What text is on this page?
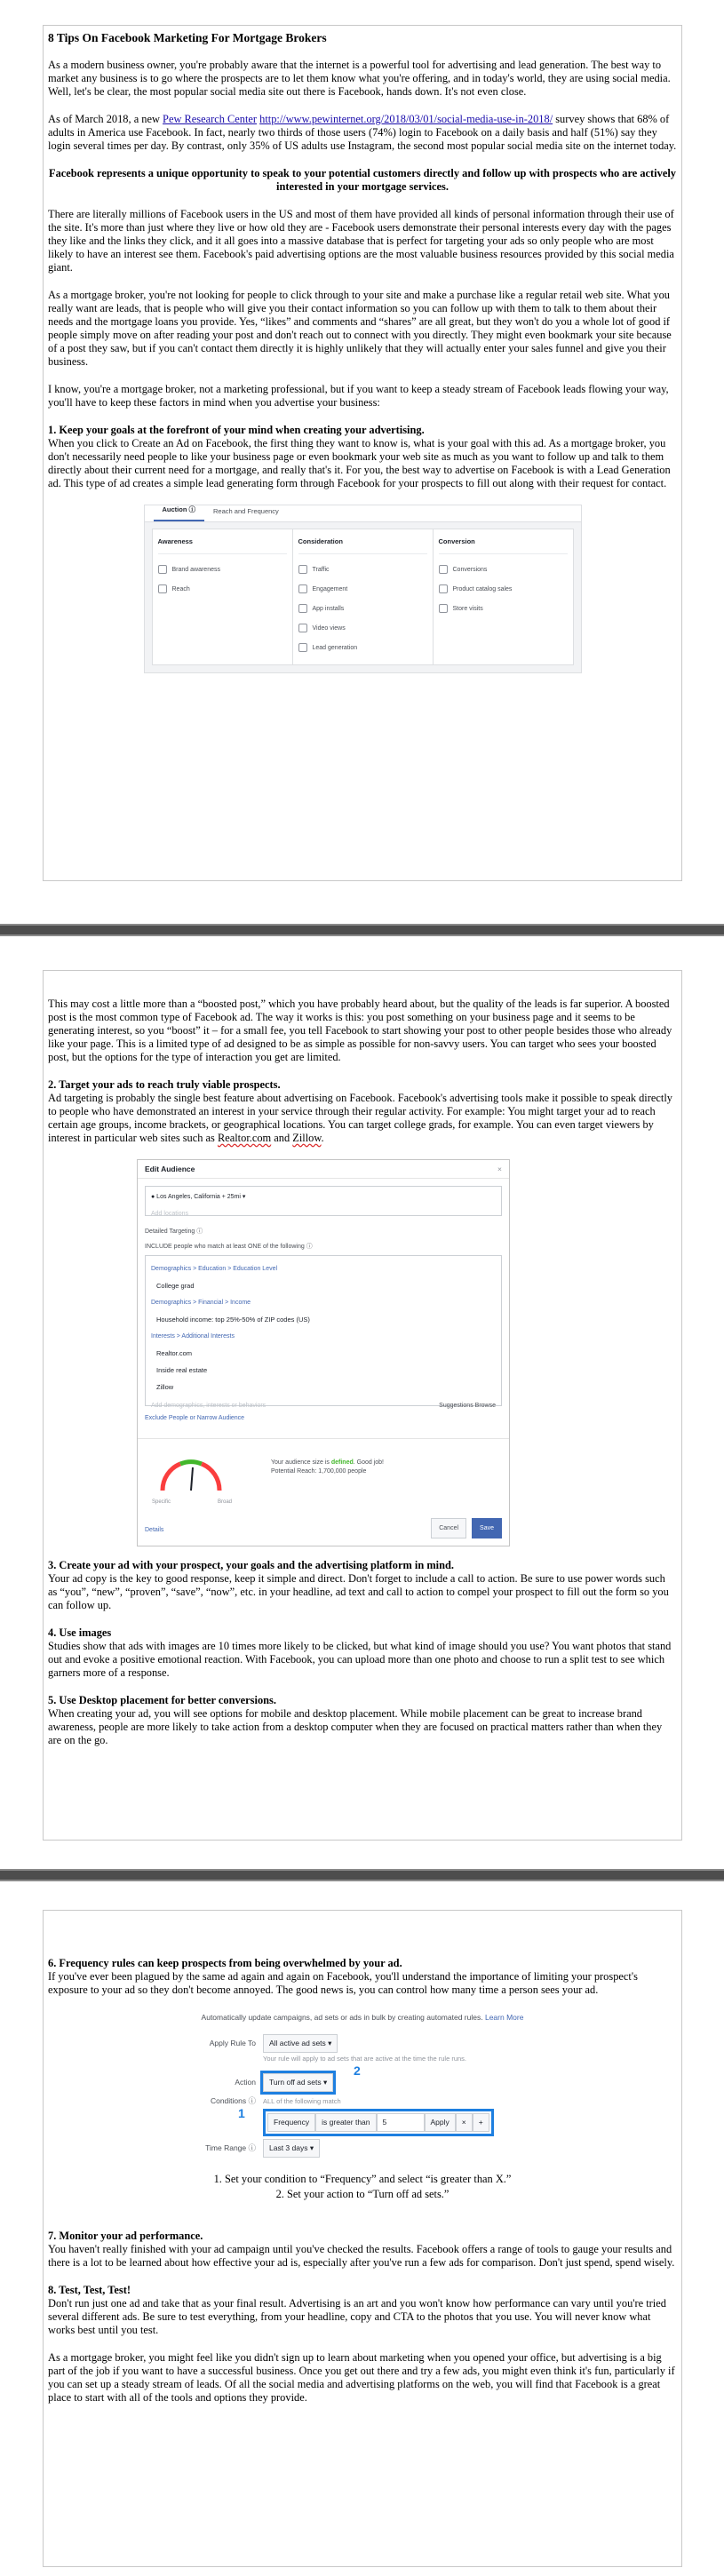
8 Tips On Facebook Marketing For Mortgage Brokers

As a modern business owner, you're probably aware that the internet is a powerful tool for advertising and lead generation. The best way to market any business is to go where the prospects are to let them know what you're offering, and in today's world, they are using social media. Well, let's be clear, the most popular social media site out there is Facebook, hands down. It's not even close.

As of March 2018, a new Pew Research Center http://www.pewinternet.org/2018/03/01/social-media-use-in-2018/ survey shows that 68% of adults in America use Facebook. In fact, nearly two thirds of those users (74%) login to Facebook on a daily basis and half (51%) say they login several times per day. By contrast, only 35% of US adults use Instagram, the second most popular social media site on the internet today.

Facebook represents a unique opportunity to speak to your potential customers directly and follow up with prospects who are actively interested in your mortgage services.

There are literally millions of Facebook users in the US and most of them have provided all kinds of personal information through their use of the site. It's more than just where they live or how old they are - Facebook users demonstrate their personal interests every day with the pages they like and the links they click, and it all goes into a massive database that is perfect for targeting your ads so only people who are most likely to have an interest see them. Facebook's paid advertising options are the most valuable business resources provided by this social media giant.

As a mortgage broker, you're not looking for people to click through to your site and make a purchase like a regular retail web site. What you really want are leads, that is people who will give you their contact information so you can follow up with them to talk to them about their needs and the mortgage loans you provide. Yes, “likes” and comments and “shares” are all great, but they won't do you a whole lot of good if people simply move on after reading your post and don't reach out to connect with you directly. They might even bookmark your site because of a post they saw, but if you can't contact them directly it is highly unlikely that they will actually enter your sales funnel and give you their business.

I know, you're a mortgage broker, not a marketing professional, but if you want to keep a steady stream of Facebook leads flowing your way, you'll have to keep these factors in mind when you advertise your business:

1. Keep your goals at the forefront of your mind when creating your advertising.
When you click to Create an Ad on Facebook, the first thing they want to know is, what is your goal with this ad. As a mortgage broker, you don't necessarily need people to like your business page or even bookmark your web site as much as you want to follow up and talk to them directly about their current need for a mortgage, and really that's it. For you, the best way to advertise on Facebook is with a Lead Generation ad. This type of ad creates a simple lead generating form through Facebook for your prospects to fill out along with their request for contact.

Auction ⓘ	Reach and Frequency
Awareness
Brand awareness
Reach
Consideration
Traffic
Engagement
App installs
Video views
Lead generation
Conversion
Conversions
Product catalog sales
Store visits

This may cost a little more than a “boosted post,” which you have probably heard about, but the quality of the leads is far superior. A boosted post is the most common type of Facebook ad. The way it works is this: you post something on your business page and it seems to be generating interest, so you “boost” it – for a small fee, you tell Facebook to start showing your post to other people besides those who already like your page. This is a limited type of ad designed to be as simple as possible for non-savvy users. You can target who sees your boosted post, but the options for the type of interaction you get are limited.

2. Target your ads to reach truly viable prospects.
Ad targeting is probably the single best feature about advertising on Facebook. Facebook's advertising tools make it possible to speak directly to people who have demonstrated an interest in your service through their regular activity. For example: You might target your ad to reach certain age groups, income brackets, or geographical locations. You can target college grads, for example. You can even target viewers by interest in particular web sites such as Realtor.com and Zillow.

Edit Audience	×
● Los Angeles, California + 25mi ▾
Add locations
Detailed Targeting ⓘ
INCLUDE people who match at least ONE of the following ⓘ
Demographics > Education > Education Level
College grad
Demographics > Financial > Income
Household income: top 25%-50% of ZIP codes (US)
Interests > Additional Interests
Realtor.com
Inside real estate
Zillow
Add demographics, interests or behaviors	Suggestions Browse
Exclude People or Narrow Audience
Specific	Broad
Your audience size is defined. Good job!
Potential Reach: 1,700,000 people
Details	Cancel	Save

3. Create your ad with your prospect, your goals and the advertising platform in mind.
Your ad copy is the key to good response, keep it simple and direct. Don't forget to include a call to action. Be sure to use power words such as “you”, “new”, “proven”, “save”, “now”, etc. in your headline, ad text and call to action to compel your prospect to fill out the form so you can follow up.

4. Use images
Studies show that ads with images are 10 times more likely to be clicked, but what kind of image should you use? You want photos that stand out and evoke a positive emotional reaction. With Facebook, you can upload more than one photo and choose to run a split test to see which garners more of a response.

5. Use Desktop placement for better conversions.
When creating your ad, you will see options for mobile and desktop placement. While mobile placement can be great to increase brand awareness, people are more likely to take action from a desktop computer when they are focused on practical matters rather than when they are on the go.

6. Frequency rules can keep prospects from being overwhelmed by your ad.
If you've ever been plagued by the same ad again and again on Facebook, you'll understand the importance of limiting your prospect's exposure to your ad so they don't become annoyed. The good news is, you can control how many time a person sees your ad.

Automatically update campaigns, ad sets or ads in bulk by creating automated rules. Learn More
Apply Rule To	All active ad sets ▾
Your rule will apply to ad sets that are active at the time the rule runs.
Action	Turn off ad sets ▾
2
Conditions ⓘ	ALL of the following match
1
Frequency	is greater than	5	Apply	×	+
Time Range ⓘ	Last 3 days ▾
1. Set your condition to “Frequency” and select “is greater than X.”
2. Set your action to “Turn off ad sets.”

7. Monitor your ad performance.
You haven't really finished with your ad campaign until you've checked the results. Facebook offers a range of tools to gauge your results and there is a lot to be learned about how effective your ad is, especially after you've run a few ads for comparison. Don't just spend, spend wisely.

8. Test, Test, Test!
Don't run just one ad and take that as your final result. Advertising is an art and you won't know how performance can vary until you're tried several different ads. Be sure to test everything, from your headline, copy and CTA to the photos that you use. You will never know what works best until you test.

As a mortgage broker, you might feel like you didn't sign up to learn about marketing when you opened your office, but advertising is a big part of the job if you want to have a successful business. Once you get out there and try a few ads, you might even think it's fun, particularly if you can set up a steady stream of leads. Of all the social media and advertising platforms on the web, you will find that Facebook is a great place to start with all of the tools and options they provide.
